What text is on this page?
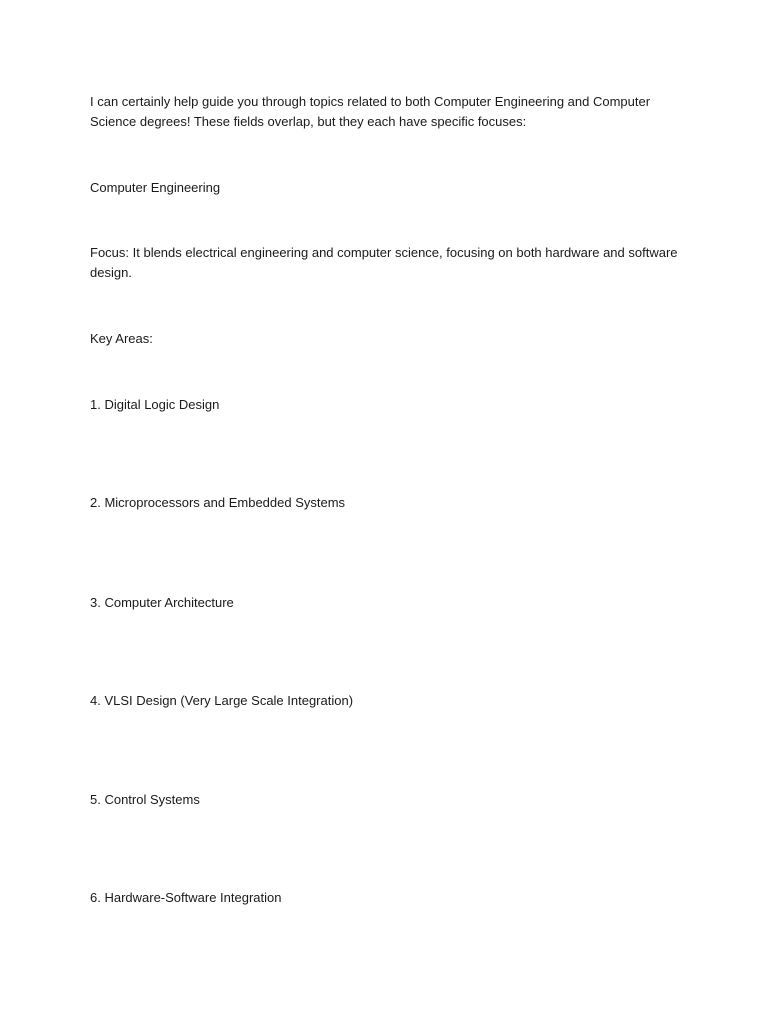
I can certainly help guide you through topics related to both Computer Engineering and Computer Science degrees! These fields overlap, but they each have specific focuses:

Computer Engineering

Focus: It blends electrical engineering and computer science, focusing on both hardware and software design.

Key Areas:

1. Digital Logic Design

2. Microprocessors and Embedded Systems

3. Computer Architecture

4. VLSI Design (Very Large Scale Integration)

5. Control Systems

6. Hardware-Software Integration
